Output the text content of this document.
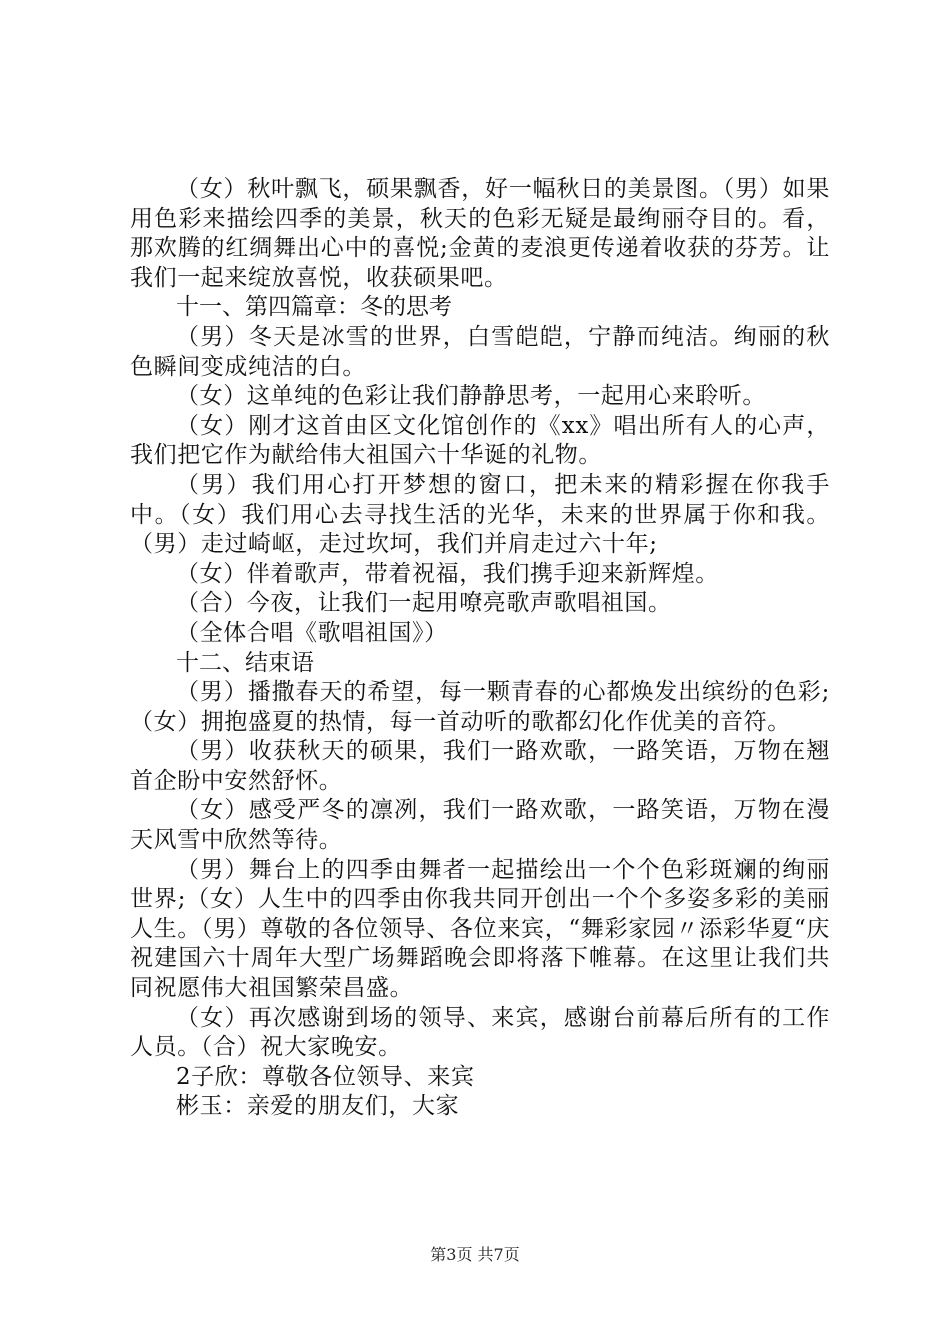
（女）秋叶飘飞，硕果飘香，好一幅秋日的美景图。（男）如果用色彩来描绘四季的美景，秋天的色彩无疑是最绚丽夺目的。看，那欢腾的红绸舞出心中的喜悦;金黄的麦浪更传递着收获的芬芳。让我们一起来绽放喜悦，收获硕果吧。

十一、第四篇章：冬的思考

（男）冬天是冰雪的世界，白雪皑皑，宁静而纯洁。绚丽的秋色瞬间变成纯洁的白。

（女）这单纯的色彩让我们静静思考，一起用心来聆听。

（女）刚才这首由区文化馆创作的《xx》唱出所有人的心声，我们把它作为献给伟大祖国六十华诞的礼物。

（男）我们用心打开梦想的窗口，把未来的精彩握在你我手中。（女）我们用心去寻找生活的光华，未来的世界属于你和我。（男）走过崎岖，走过坎坷，我们并肩走过六十年;

（女）伴着歌声，带着祝福，我们携手迎来新辉煌。

（合）今夜，让我们一起用嘹亮歌声歌唱祖国。

（全体合唱《歌唱祖国》）

十二、结束语

（男）播撒春天的希望，每一颗青春的心都焕发出缤纷的色彩;（女）拥抱盛夏的热情，每一首动听的歌都幻化作优美的音符。

（男）收获秋天的硕果，我们一路欢歌，一路笑语，万物在翘首企盼中安然舒怀。

（女）感受严冬的凛冽，我们一路欢歌，一路笑语，万物在漫天风雪中欣然等待。

（男）舞台上的四季由舞者一起描绘出一个个色彩斑斓的绚丽世界;（女）人生中的四季由你我共同开创出一个个多姿多彩的美丽人生。（男）尊敬的各位领导、各位来宾，“舞彩家园〃添彩华夏“庆祝建国六十周年大型广场舞蹈晚会即将落下帷幕。在这里让我们共同祝愿伟大祖国繁荣昌盛。

（女）再次感谢到场的领导、来宾，感谢台前幕后所有的工作人员。（合）祝大家晚安。

2子欣：尊敬各位领导、来宾

彬玉：亲爱的朋友们，大家

第3页 共7页
